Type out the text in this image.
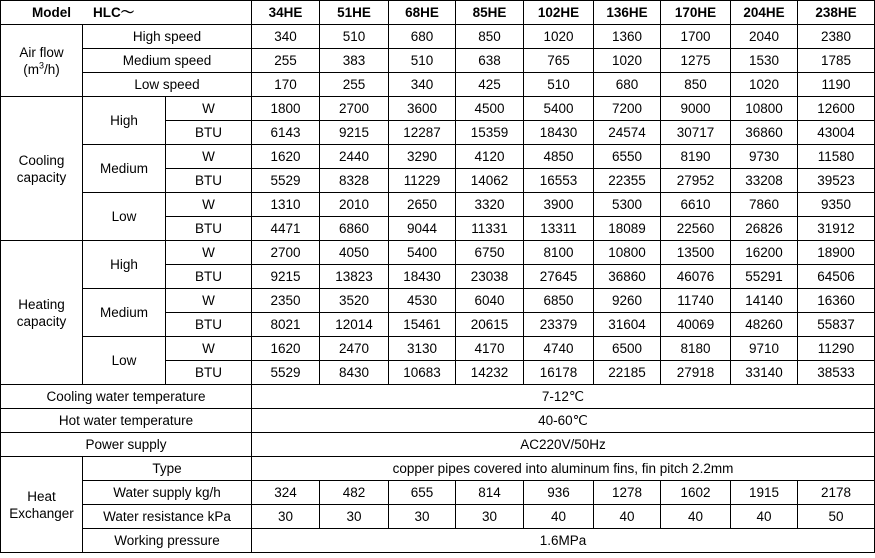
Model HLC～			34HE	51HE	68HE	85HE	102HE	136HE	170HE	204HE	238HE
Air flow
$(m^3/h)$	High speed		340	510	680	850	1020	1360	1700	2040	2380
	Medium speed		255	383	510	638	765	1020	1275	1530	1785
	Low speed		170	255	340	425	510	680	850	1020	1190
Cooling
capacity	High	W	1800	2700	3600	4500	5400	7200	9000	10800	12600
		BTU	6143	9215	12287	15359	18430	24574	30717	36860	43004
	Medium	W	1620	2440	3290	4120	4850	6550	8190	9730	11580
		BTU	5529	8328	11229	14062	16553	22355	27952	33208	39523
	Low	W	1310	2010	2650	3320	3900	5300	6610	7860	9350
		BTU	4471	6860	9044	11331	13311	18089	22560	26826	31912
Heating
capacity	High	W	2700	4050	5400	6750	8100	10800	13500	16200	18900
		BTU	9215	13823	18430	23038	27645	36860	46076	55291	64506
	Medium	W	2350	3520	4530	6040	6850	9260	11740	14140	16360
		BTU	8021	12014	15461	20615	23379	31604	40069	48260	55837
	Low	W	1620	2470	3130	4170	4740	6500	8180	9710	11290
		BTU	5529	8430	10683	14232	16178	22185	27918	33140	38533
Cooling water temperature			7-12℃								
Hot water temperature			40-60℃								
Power supply			AC220V/50Hz								
Heat
Exchanger	Type		copper pipes covered into aluminum fins, fin pitch 2.2mm								
	Water supply kg/h		324	482	655	814	936	1278	1602	1915	2178
	Water resistance kPa		30	30	30	30	40	40	40	40	50
	Working pressure		1.6MPa								
